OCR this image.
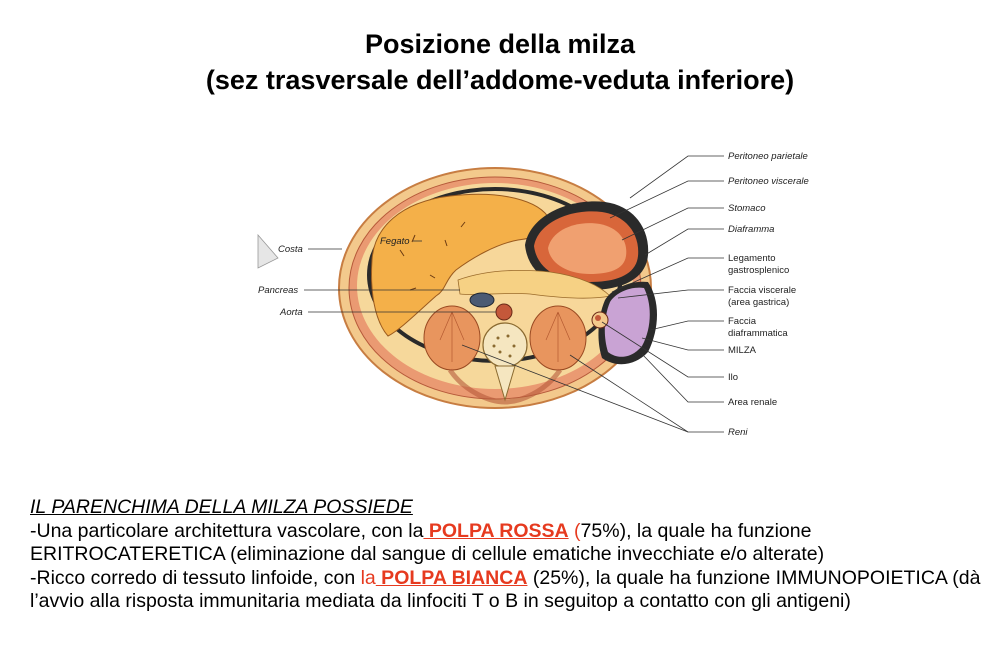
Posizione della milza
(sez trasversale dell’addome-veduta inferiore)
Costa
Fegato
Pancreas
Aorta
Peritoneo parietale
Peritoneo viscerale
Stomaco
Diaframma
Legamento
gastrosplenico
Faccia viscerale
(area gastrica)
Faccia
diaframmatica
MILZA
Ilo
Area renale
Reni

IL PARENCHIMA DELLA MILZA POSSIEDE

-Una particolare architettura vascolare, con la POLPA ROSSA (75%), la quale ha funzione ERITROCATERETICA (eliminazione dal sangue di cellule ematiche invecchiate e/o alterate)

-Ricco corredo di tessuto linfoide, con la POLPA BIANCA (25%), la quale ha funzione IMMUNOPOIETICA (dà l’avvio alla risposta immunitaria mediata da linfociti T o B in seguitop a contatto con gli antigeni)
